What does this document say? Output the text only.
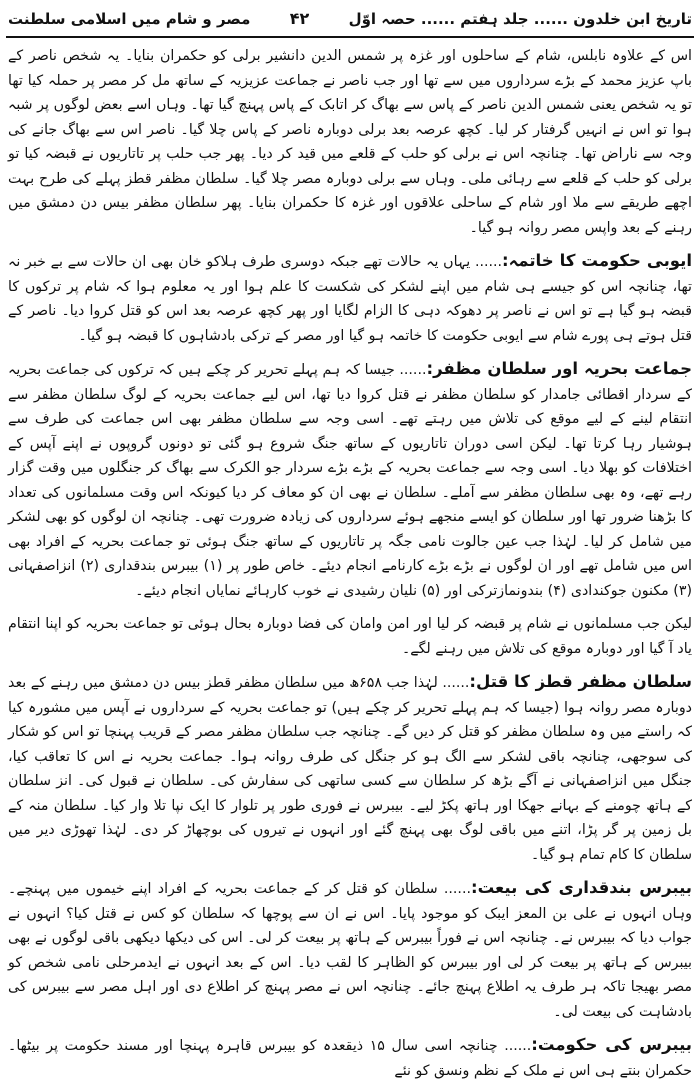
تاریخ ابن خلدون ...... جلد ہفتم ...... حصہ اوّل
۴۲
مصر و شام میں اسلامی سلطنت

اس کے علاوہ نابلس، شام کے ساحلوں اور غزہ پر شمس الدین دانشیر برلی کو حکمران بنایا۔ یہ شخص ناصر کے باپ عزیز محمد کے بڑے سرداروں میں سے تھا اور جب ناصر نے جماعت عزیزیہ کے ساتھ مل کر مصر پر حملہ کیا تھا تو یہ شخص یعنی شمس الدین ناصر کے پاس سے بھاگ کر اتابک کے پاس پہنچ گیا تھا۔ وہاں اسے بعض لوگوں پر شبہ ہوا تو اس نے انہیں گرفتار کر لیا۔ کچھ عرصہ بعد برلی دوبارہ ناصر کے پاس چلا گیا۔ ناصر اس سے بھاگ جانے کی وجہ سے ناراض تھا۔ چنانچہ اس نے برلی کو حلب کے قلعے میں قید کر دیا۔ پھر جب حلب پر تاتاریوں نے قبضہ کیا تو برلی کو حلب کے قلعے سے رہائی ملی۔ وہاں سے برلی دوبارہ مصر چلا گیا۔ سلطان مظفر قطز پہلے کی طرح بہت اچھے طریقے سے ملا اور شام کے ساحلی علاقوں اور غزہ کا حکمران بنایا۔ پھر سلطان مظفر بیس دن دمشق میں رہنے کے بعد واپس مصر روانہ ہو گیا۔

ایوبی حکومت کا خاتمہ:...... یہاں یہ حالات تھے جبکہ دوسری طرف ہلاکو خان بھی ان حالات سے بے خبر نہ تھا، چنانچہ اس کو جیسے ہی شام میں اپنے لشکر کی شکست کا علم ہوا اور یہ معلوم ہوا کہ شام پر ترکوں کا قبضہ ہو گیا ہے تو اس نے ناصر پر دھوکہ دہی کا الزام لگایا اور پھر کچھ عرصہ بعد اس کو قتل کروا دیا۔ ناصر کے قتل ہوتے ہی پورے شام سے ایوبی حکومت کا خاتمہ ہو گیا اور مصر کے ترکی بادشاہوں کا قبضہ ہو گیا۔

جماعت بحریہ اور سلطان مظفر:...... جیسا کہ ہم پہلے تحریر کر چکے ہیں کہ ترکوں کی جماعت بحریہ کے سردار اقطائی جامدار کو سلطان مظفر نے قتل کروا دیا تھا، اس لیے جماعت بحریہ کے لوگ سلطان مظفر سے انتقام لینے کے لیے موقع کی تلاش میں رہتے تھے۔ اسی وجہ سے سلطان مظفر بھی اس جماعت کی طرف سے ہوشیار رہا کرتا تھا۔ لیکن اسی دوران تاتاریوں کے ساتھ جنگ شروع ہو گئی تو دونوں گروپوں نے اپنے آپس کے اختلافات کو بھلا دیا۔ اسی وجہ سے جماعت بحریہ کے بڑے بڑے سردار جو الکرک سے بھاگ کر جنگلوں میں وقت گزار رہے تھے، وہ بھی سلطان مظفر سے آملے۔ سلطان نے بھی ان کو معاف کر دیا کیونکہ اس وقت مسلمانوں کی تعداد کا بڑھنا ضرور تھا اور سلطان کو ایسے منجھے ہوئے سرداروں کی زیادہ ضرورت تھی۔ چنانچہ ان لوگوں کو بھی لشکر میں شامل کر لیا۔ لہٰذا جب عین جالوت نامی جگہ پر تاتاریوں کے ساتھ جنگ ہوئی تو جماعت بحریہ کے افراد بھی اس میں شامل تھے اور ان لوگوں نے بڑے بڑے کارنامے انجام دیئے۔ خاص طور پر (۱) بیبرس بندقداری (۲) انزاصفہانی (۳) مکنون جوکندادی (۴) بندونمازترکی اور (۵) نلیان رشیدی نے خوب کارہائے نمایاں انجام دیئے۔

لیکن جب مسلمانوں نے شام پر قبضہ کر لیا اور امن وامان کی فضا دوبارہ بحال ہوئی تو جماعت بحریہ کو اپنا انتقام یاد آ گیا اور دوبارہ موقع کی تلاش میں رہنے لگے۔

سلطان مظفر قطز کا قتل:...... لہٰذا جب ۶۵۸ھ میں سلطان مظفر قطز بیس دن دمشق میں رہنے کے بعد دوبارہ مصر روانہ ہوا (جیسا کہ ہم پہلے تحریر کر چکے ہیں) تو جماعت بحریہ کے سرداروں نے آپس میں مشورہ کیا کہ راستے میں وہ سلطان مظفر کو قتل کر دیں گے۔ چنانچہ جب سلطان مظفر مصر کے قریب پہنچا تو اس کو شکار کی سوجھی، چنانچہ باقی لشکر سے الگ ہو کر جنگل کی طرف روانہ ہوا۔ جماعت بحریہ نے اس کا تعاقب کیا، جنگل میں انزاصفہانی نے آگے بڑھ کر سلطان سے کسی ساتھی کی سفارش کی۔ سلطان نے قبول کی۔ انز سلطان کے ہاتھ چومنے کے بہانے جھکا اور ہاتھ پکڑ لیے۔ بیبرس نے فوری طور پر تلوار کا ایک نپا تلا وار کیا۔ سلطان منہ کے بل زمین پر گر پڑا، اتنے میں باقی لوگ بھی پہنچ گئے اور انہوں نے تیروں کی بوچھاڑ کر دی۔ لہٰذا تھوڑی دیر میں سلطان کا کام تمام ہو گیا۔

بیبرس بندقداری کی بیعت:...... سلطان کو قتل کر کے جماعت بحریہ کے افراد اپنے خیموں میں پہنچے۔ وہاں انہوں نے علی بن المعز ایبک کو موجود پایا۔ اس نے ان سے پوچھا کہ سلطان کو کس نے قتل کیا؟ انہوں نے جواب دیا کہ بیبرس نے۔ چنانچہ اس نے فوراً بیبرس کے ہاتھ پر بیعت کر لی۔ اس کی دیکھا دیکھی باقی لوگوں نے بھی بیبرس کے ہاتھ پر بیعت کر لی اور بیبرس کو الظاہر کا لقب دیا۔ اس کے بعد انہوں نے ایدمرحلی نامی شخص کو مصر بھیجا تاکہ ہر طرف یہ اطلاع پہنچ جائے۔ چنانچہ اس نے مصر پہنچ کر اطلاع دی اور اہل مصر سے بیبرس کی بادشاہت کی بیعت لی۔

بیبرس کی حکومت:...... چنانچہ اسی سال ۱۵ ذیقعدہ کو بیبرس قاہرہ پہنچا اور مسند حکومت پر بیٹھا۔ حکمران بنتے ہی اس نے ملک کے نظم ونسق کو نئے
